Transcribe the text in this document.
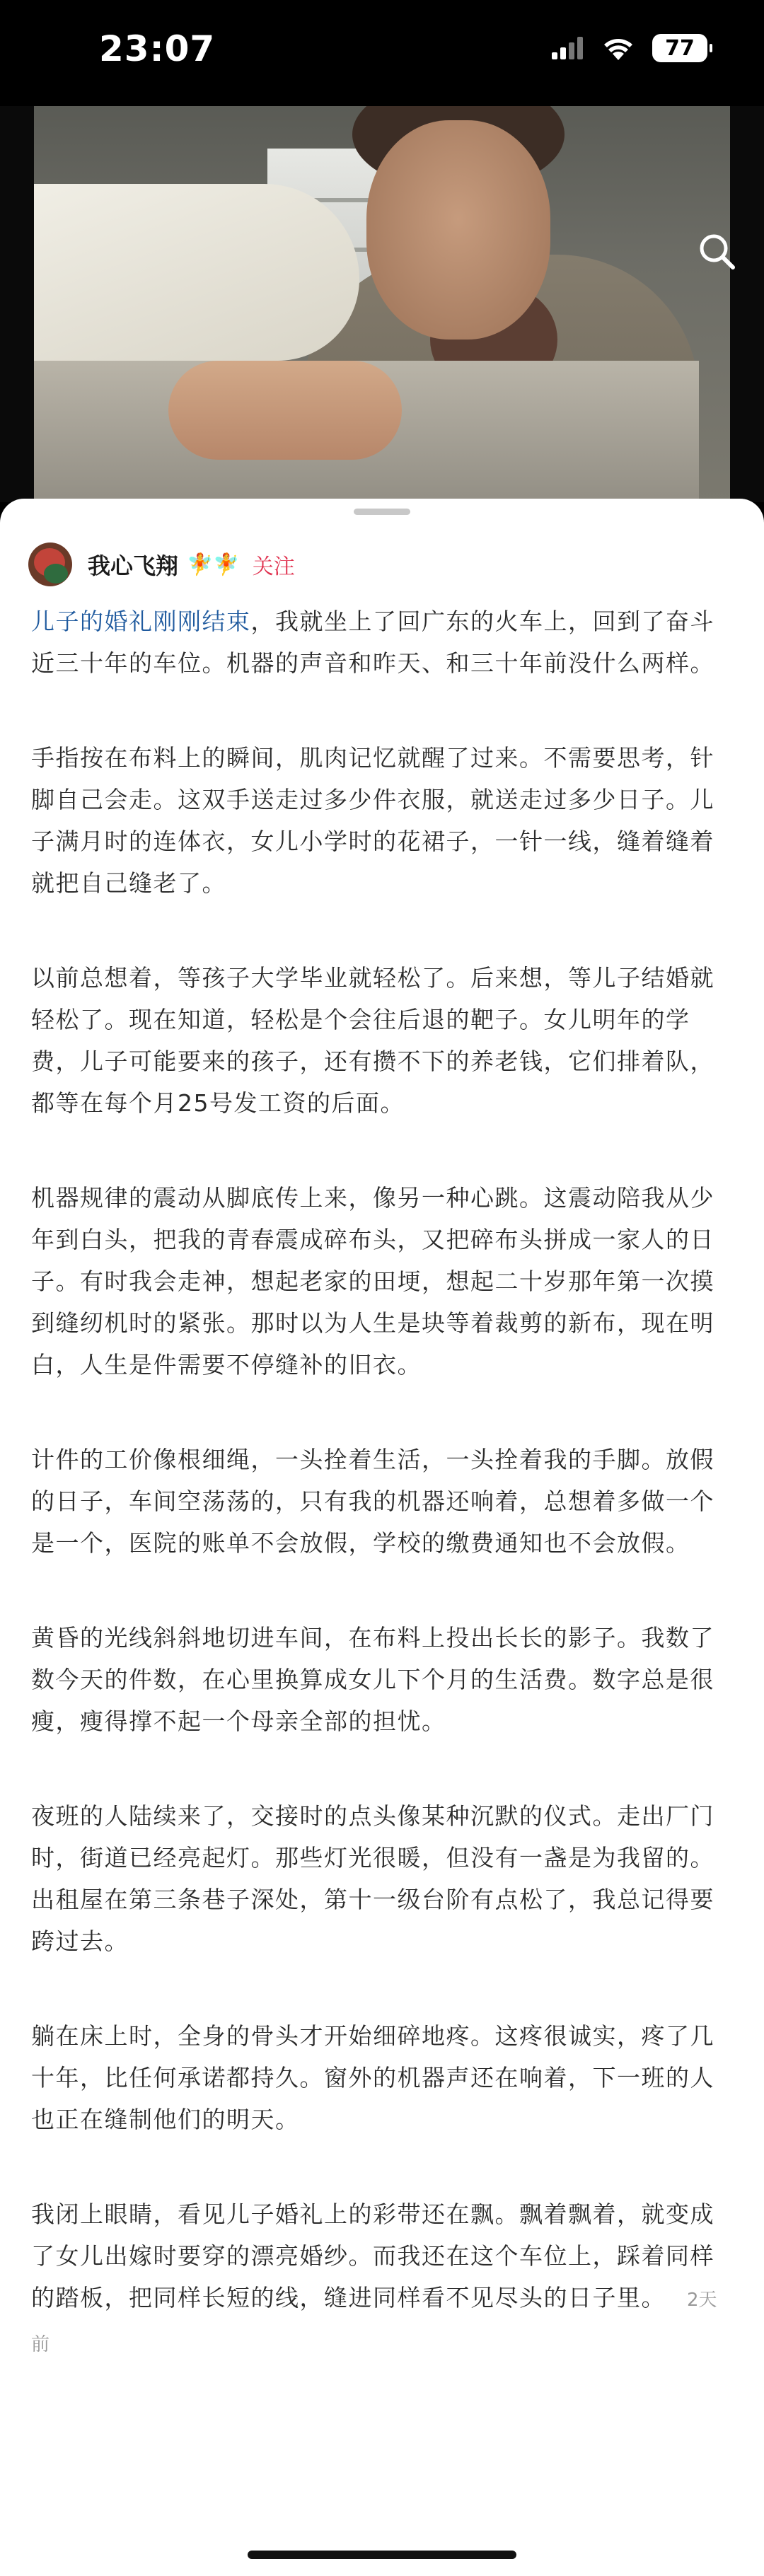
23:07	77
我心飞翔 🧚🧚 关注

儿子的婚礼刚刚结束，我就坐上了回广东的火车上，回到了奋斗近三十年的车位。机器的声音和昨天、和三十年前没什么两样。

手指按在布料上的瞬间，肌肉记忆就醒了过来。不需要思考，针脚自己会走。这双手送走过多少件衣服，就送走过多少日子。儿子满月时的连体衣，女儿小学时的花裙子，一针一线，缝着缝着就把自己缝老了。

以前总想着，等孩子大学毕业就轻松了。后来想，等儿子结婚就轻松了。现在知道，轻松是个会往后退的靶子。女儿明年的学费，儿子可能要来的孩子，还有攒不下的养老钱，它们排着队，都等在每个月25号发工资的后面。

机器规律的震动从脚底传上来，像另一种心跳。这震动陪我从少年到白头，把我的青春震成碎布头，又把碎布头拼成一家人的日子。有时我会走神，想起老家的田埂，想起二十岁那年第一次摸到缝纫机时的紧张。那时以为人生是块等着裁剪的新布，现在明白，人生是件需要不停缝补的旧衣。

计件的工价像根细绳，一头拴着生活，一头拴着我的手脚。放假的日子，车间空荡荡的，只有我的机器还响着，总想着多做一个是一个，医院的账单不会放假，学校的缴费通知也不会放假。

黄昏的光线斜斜地切进车间，在布料上投出长长的影子。我数了数今天的件数，在心里换算成女儿下个月的生活费。数字总是很瘦，瘦得撑不起一个母亲全部的担忧。

夜班的人陆续来了，交接时的点头像某种沉默的仪式。走出厂门时，街道已经亮起灯。那些灯光很暖，但没有一盏是为我留的。出租屋在第三条巷子深处，第十一级台阶有点松了，我总记得要跨过去。

躺在床上时，全身的骨头才开始细碎地疼。这疼很诚实，疼了几十年，比任何承诺都持久。窗外的机器声还在响着，下一班的人也正在缝制他们的明天。

我闭上眼睛，看见儿子婚礼上的彩带还在飘。飘着飘着，就变成了女儿出嫁时要穿的漂亮婚纱。而我还在这个车位上，踩着同样的踏板，把同样长短的线，缝进同样看不见尽头的日子里。 2天前
